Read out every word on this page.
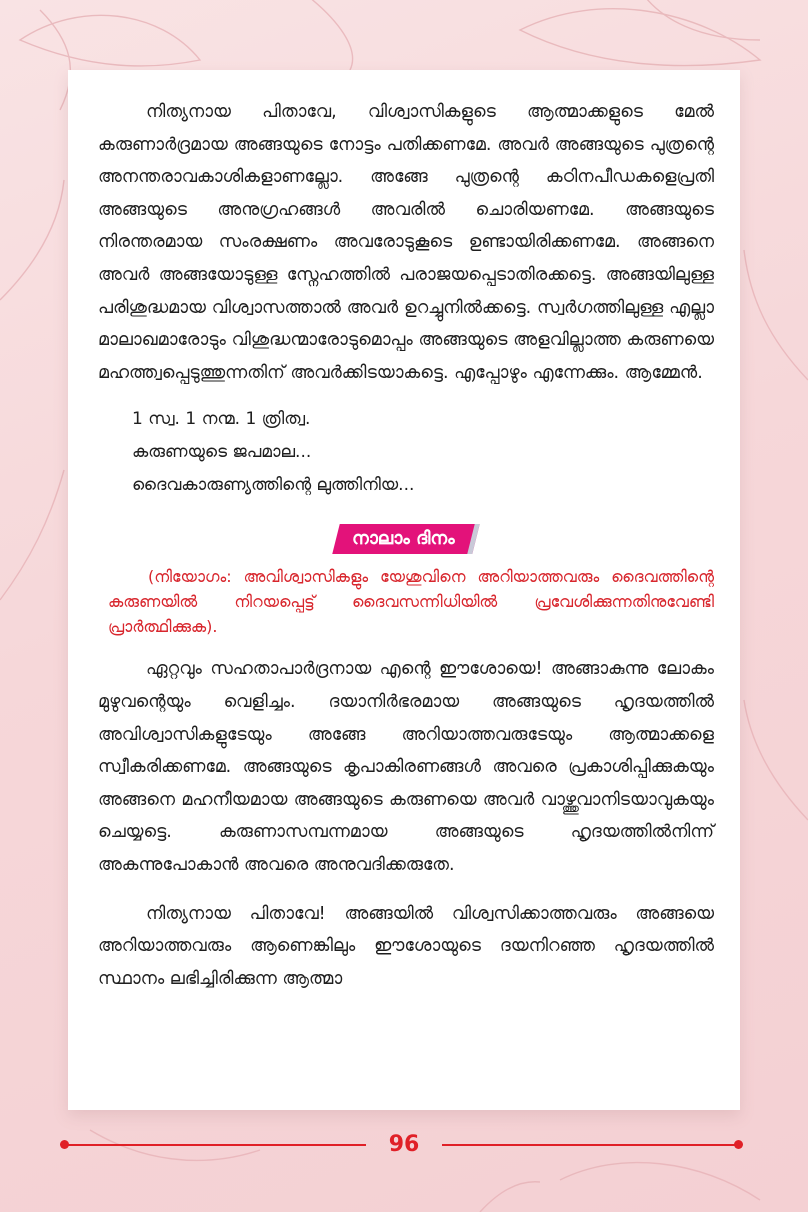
നിത്യനായ പിതാവേ, വിശ്വാസികളുടെ ആത്മാക്കളുടെ മേൽ കരുണാർദ്രമായ അങ്ങയുടെ നോട്ടം പതിക്കണമേ. അവർ അങ്ങയുടെ പുത്രന്റെ അനന്തരാവകാശികളാണല്ലോ. അങ്ങേ പുത്രന്റെ കഠിനപീഡകളെപ്രതി അങ്ങയുടെ അനുഗ്രഹങ്ങൾ അവരിൽ ചൊരിയണമേ. അങ്ങയുടെ നിരന്തരമായ സംരക്ഷണം അവരോടുകൂടെ ഉണ്ടായിരിക്കണമേ. അങ്ങനെ അവർ അങ്ങയോടുള്ള സ്നേഹത്തിൽ പരാജയപ്പെടാതിരക്കട്ടെ. അങ്ങയിലുള്ള പരിശുദ്ധമായ വിശ്വാസത്താൽ അവർ ഉറച്ചുനിൽക്കട്ടെ. സ്വർഗത്തിലുള്ള എല്ലാ മാലാഖമാരോടും വിശുദ്ധന്മാരോടുമൊപ്പം അങ്ങയുടെ അളവില്ലാത്ത കരുണയെ മഹത്ത്വപ്പെടുത്തുന്നതിന് അവർക്കിടയാകട്ടെ. എപ്പോഴും എന്നേക്കും. ആമ്മേൻ.

1 സ്വ. 1 നന്മ. 1 ത്രിത്വ.
കരുണയുടെ ജപമാല...
ദൈവകാരുണ്യത്തിന്റെ ലുത്തിനിയ...
നാലാം ദിനം

(നിയോഗം: അവിശ്വാസികളും യേശുവിനെ അറിയാത്തവരും ദൈവത്തിന്റെ കരുണയിൽ നിറയപ്പെട്ട് ദൈവസന്നിധിയിൽ പ്രവേശിക്കുന്നതിനുവേണ്ടി പ്രാർത്ഥിക്കുക).

ഏറ്റവും സഹതാപാർദ്രനായ എന്റെ ഈശോയെ! അങ്ങാകുന്നു ലോകം മുഴുവന്റെയും വെളിച്ചം. ദയാനിർഭരമായ അങ്ങയുടെ ഹൃദയത്തിൽ അവിശ്വാസികളുടേയും അങ്ങേ അറിയാത്തവരുടേയും ആത്മാക്കളെ സ്വീകരിക്കണമേ. അങ്ങയുടെ കൃപാകിരണങ്ങൾ അവരെ പ്രകാശിപ്പിക്കുകയും അങ്ങനെ മഹനീയമായ അങ്ങയുടെ കരുണയെ അവർ വാഴ്ത്തുവാനിടയാവുകയും ചെയ്യട്ടെ. കരുണാസമ്പന്നമായ അങ്ങയുടെ ഹൃദയത്തിൽനിന്ന് അകന്നുപോകാൻ അവരെ അനുവദിക്കരുതേ.

നിത്യനായ പിതാവേ! അങ്ങയിൽ വിശ്വസിക്കാത്തവരും അങ്ങയെ അറിയാത്തവരും ആണെങ്കിലും ഈശോയുടെ ദയനിറഞ്ഞ ഹൃദയത്തിൽ സ്ഥാനം ലഭിച്ചിരിക്കുന്ന ആത്മാ

96
